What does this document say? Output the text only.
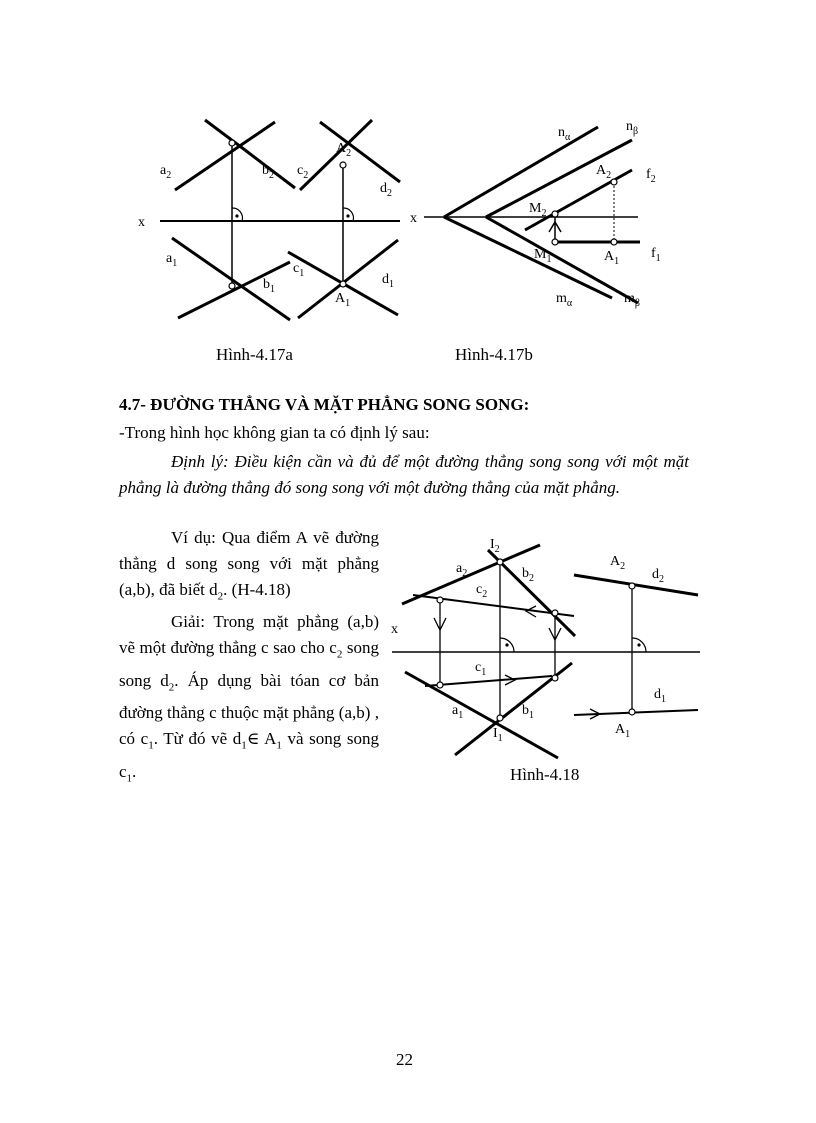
x
$a_2$	$b_2$ $c_2$
$d_2$
$A_2$
$a_1$
$b_1$
$c_1$	$d_1$
$A_1$
Hình-4.17a
x
$n_\alpha$
$n_\beta$
$A_2$ $f_2$
$M_2$
$M_1$	$A_1$
$f_1$
$m_\alpha$	$m_\beta$
Hình-4.17b
4.7- ĐƯỜNG THẲNG VÀ MẶT PHẲNG SONG SONG:
-Trong hình học không gian ta có định lý sau:
Định lý: Điều kiện cần và đủ để một đường thẳng song song với một mặt phẳng là đường thẳng đó song song với một đường thẳng của mặt phẳng.

Ví dụ: Qua điểm A vẽ đường thẳng d song song với mặt phẳng (a,b), đã biết $d_2$. (H-4.18)

Giải: Trong mặt phẳng (a,b) vẽ một đường thẳng c sao cho $c_2$ song song $d_2$. Áp dụng bài tóan cơ bản đường thẳng c thuộc mặt phẳng (a,b) , có $c_1$. Từ đó vẽ $d_1\in$ $A_1$ và song song $c_1$.

x
$I_2$
$a_2$	$b_2$
$c_2$
$A_2$
$d_2$
$c_1$
$a_1$	$b_1$
$I_1$
$d_1$
$A_1$
Hình-4.18
22
